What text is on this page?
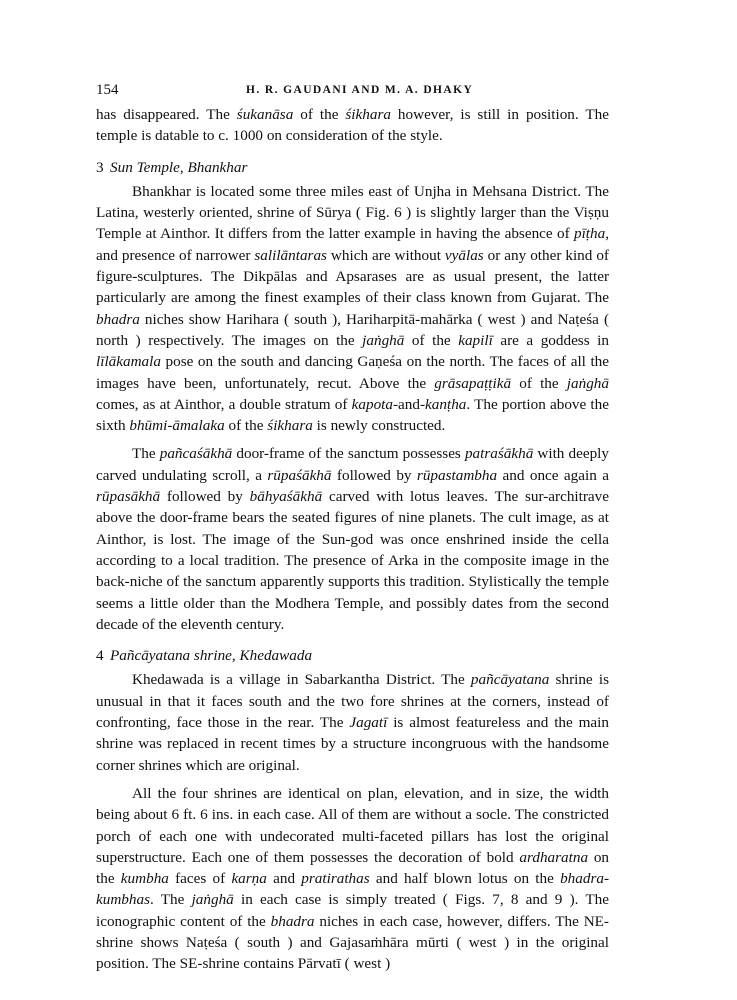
154	H. R. GAUDANI AND M. A. DHAKY

has disappeared. The śukanāsa of the śikhara however, is still in position. The temple is datable to c. 1000 on consideration of the style.

3 Sun Temple, Bhankhar

Bhankhar is located some three miles east of Unjha in Mehsana District. The Latina, westerly oriented, shrine of Sūrya ( Fig. 6 ) is slightly larger than the Viṣṇu Temple at Ainthor. It differs from the latter example in having the absence of pīṭha, and presence of narrower salilāntaras which are without vyālas or any other kind of figure-sculptures. The Dikpālas and Apsarases are as usual present, the latter particularly are among the finest examples of their class known from Gujarat. The bhadra niches show Harihara ( south ), Hariharpitā-mahārka ( west ) and Naṭeśa ( north ) respectively. The images on the jaṅghā of the kapilī are a goddess in līlākamala pose on the south and dancing Gaṇeśa on the north. The faces of all the images have been, unfortunately, recut. Above the grāsapaṭṭikā of the jaṅghā comes, as at Ainthor, a double stratum of kapota-and-kanṭha. The portion above the sixth bhūmi-āmalaka of the śikhara is newly constructed.

The pañcaśākhā door-frame of the sanctum possesses patraśākhā with deeply carved undulating scroll, a rūpaśākhā followed by rūpastambha and once again a rūpasākhā followed by bāhyaśākhā carved with lotus leaves. The sur-architrave above the door-frame bears the seated figures of nine planets. The cult image, as at Ainthor, is lost. The image of the Sun-god was once enshrined inside the cella according to a local tradition. The presence of Arka in the composite image in the back-niche of the sanctum apparently supports this tradition. Stylistically the temple seems a little older than the Modhera Temple, and possibly dates from the second decade of the eleventh century.

4 Pañcāyatana shrine, Khedawada

Khedawada is a village in Sabarkantha District. The pañcāyatana shrine is unusual in that it faces south and the two fore shrines at the corners, instead of confronting, face those in the rear. The Jagatī is almost featureless and the main shrine was replaced in recent times by a structure incongruous with the handsome corner shrines which are original.

All the four shrines are identical on plan, elevation, and in size, the width being about 6 ft. 6 ins. in each case. All of them are without a socle. The constricted porch of each one with undecorated multi-faceted pillars has lost the original superstructure. Each one of them possesses the decoration of bold ardharatna on the kumbha faces of karṇa and pratirathas and half blown lotus on the bhadra-kumbhas. The jaṅghā in each case is simply treated ( Figs. 7, 8 and 9 ). The iconographic content of the bhadra niches in each case, however, differs. The NE-shrine shows Naṭeśa ( south ) and Gajasaṁhāra mūrti ( west ) in the original position. The SE-shrine contains Pārvatī ( west )
